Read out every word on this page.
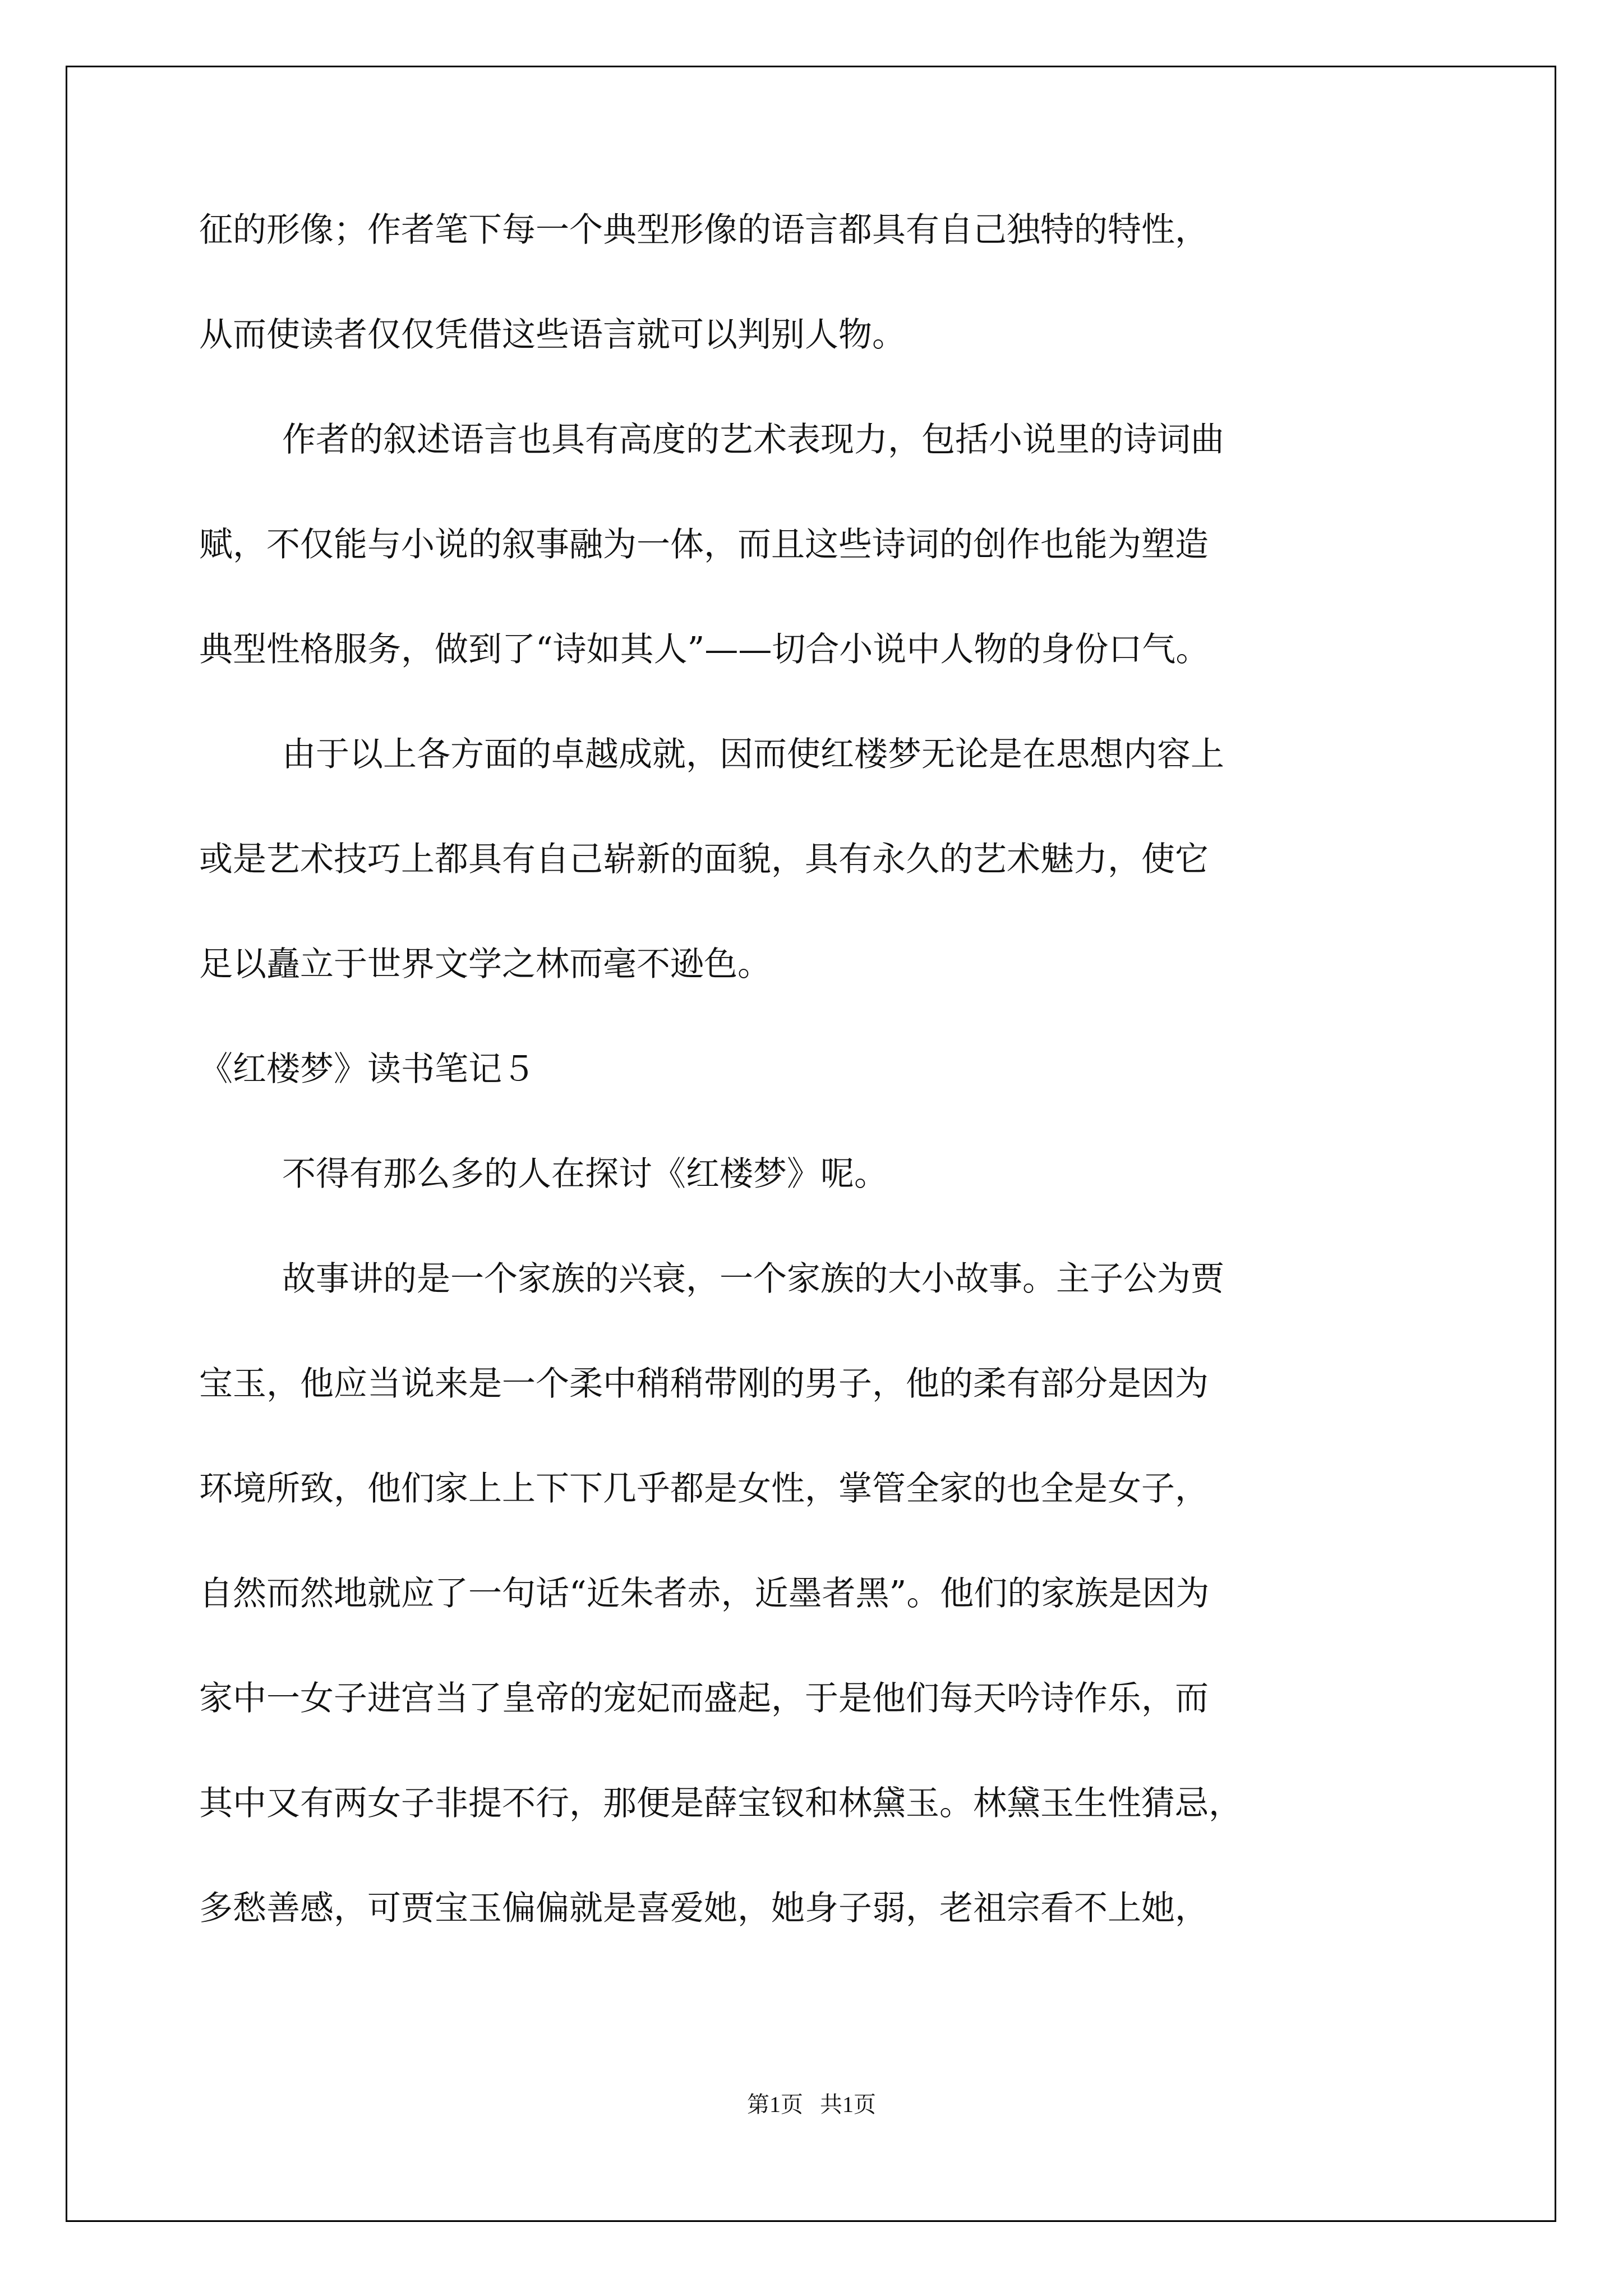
征的形像；作者笔下每一个典型形像的语言都具有自己独特的特性，
从而使读者仅仅凭借这些语言就可以判别人物。
作者的叙述语言也具有高度的艺术表现力，包括小说里的诗词曲
赋，不仅能与小说的叙事融为一体，而且这些诗词的创作也能为塑造
典型性格服务，做到了“诗如其人”——切合小说中人物的身份口气。
由于以上各方面的卓越成就，因而使红楼梦无论是在思想内容上
或是艺术技巧上都具有自己崭新的面貌，具有永久的艺术魅力，使它
足以矗立于世界文学之林而毫不逊色。
《红楼梦》读书笔记５
不得有那么多的人在探讨《红楼梦》呢。
故事讲的是一个家族的兴衰，一个家族的大小故事。主子公为贾
宝玉，他应当说来是一个柔中稍稍带刚的男子，他的柔有部分是因为
环境所致，他们家上上下下几乎都是女性，掌管全家的也全是女子，
自然而然地就应了一句话“近朱者赤，近墨者黑”。他们的家族是因为
家中一女子进宫当了皇帝的宠妃而盛起，于是他们每天吟诗作乐，而
其中又有两女子非提不行，那便是薛宝钗和林黛玉。林黛玉生性猜忌，
多愁善感，可贾宝玉偏偏就是喜爱她，她身子弱，老祖宗看不上她，
第1页   共1页
